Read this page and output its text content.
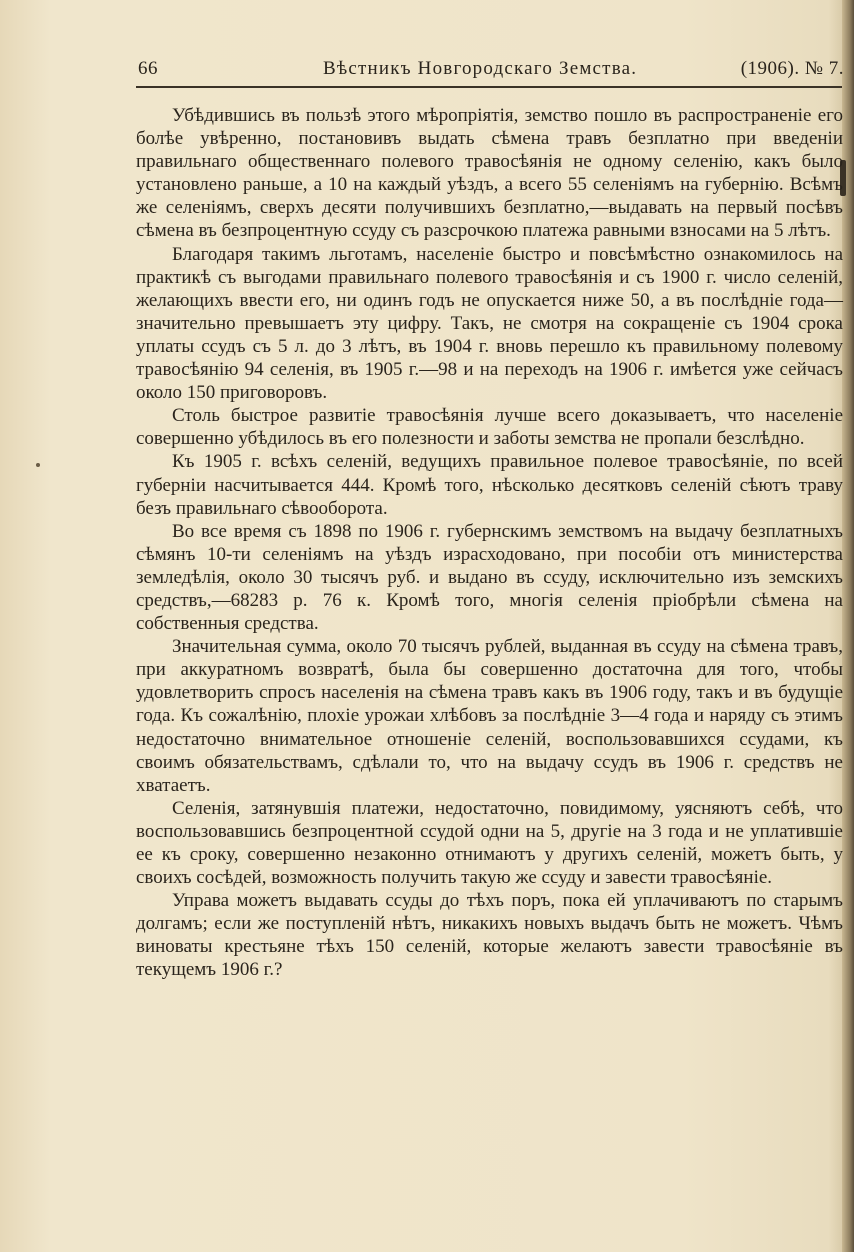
66	Вѣстникъ Новгородскаго Земства.	(1906). № 7.

Убѣдившись въ пользѣ этого мѣропріятія, земство пошло въ распространеніе его болѣе увѣренно, постановивъ выдать сѣмена травъ безплатно при введеніи правильнаго общественнаго полевого травосѣянія не одному селенію, какъ было установлено раньше, а 10 на каждый уѣздъ, а всего 55 селеніямъ на губернію. Всѣмъ же селеніямъ, сверхъ десяти получившихъ безплатно,—выдавать на первый посѣвъ сѣмена въ безпроцентную ссуду съ разсрочкою платежа равными взносами на 5 лѣтъ.

Благодаря такимъ льготамъ, населеніе быстро и повсѣмѣстно ознакомилось на практикѣ съ выгодами правильнаго полевого травосѣянія и съ 1900 г. число селеній, желающихъ ввести его, ни одинъ годъ не опускается ниже 50, а въ послѣдніе года—значительно превышаетъ эту цифру. Такъ, не смотря на сокращеніе съ 1904 срока уплаты ссудъ съ 5 л. до 3 лѣтъ, въ 1904 г. вновь перешло къ правильному полевому травосѣянію 94 селенія, въ 1905 г.—98 и на переходъ на 1906 г. имѣется уже сейчасъ около 150 приговоровъ.

Столь быстрое развитіе травосѣянія лучше всего доказываетъ, что населеніе совершенно убѣдилось въ его полезности и заботы земства не пропали безслѣдно.

Къ 1905 г. всѣхъ селеній, ведущихъ правильное полевое травосѣяніе, по всей губерніи насчитывается 444. Кромѣ того, нѣсколько десятковъ селеній сѣютъ траву безъ правильнаго сѣвооборота.

Во все время съ 1898 по 1906 г. губернскимъ земствомъ на выдачу безплатныхъ сѣмянъ 10-ти селеніямъ на уѣздъ израсходовано, при пособіи отъ министерства земледѣлія, около 30 тысячъ руб. и выдано въ ссуду, исключительно изъ земскихъ средствъ,—68283 р. 76 к. Кромѣ того, многія селенія пріобрѣли сѣмена на собственныя средства.

Значительная сумма, около 70 тысячъ рублей, выданная въ ссуду на сѣмена травъ, при аккуратномъ возвратѣ, была бы совершенно достаточна для того, чтобы удовлетворить спросъ населенія на сѣмена травъ какъ въ 1906 году, такъ и въ будущіе года. Къ сожалѣнію, плохіе урожаи хлѣбовъ за послѣдніе 3—4 года и наряду съ этимъ недостаточно внимательное отношеніе селеній, воспользовавшихся ссудами, къ своимъ обязательствамъ, сдѣлали то, что на выдачу ссудъ въ 1906 г. средствъ не хватаетъ.

Селенія, затянувшія платежи, недостаточно, повидимому, уясняютъ себѣ, что воспользовавшись безпроцентной ссудой одни на 5, другіе на 3 года и не уплатившіе ее къ сроку, совершенно незаконно отнимаютъ у другихъ селеній, можетъ быть, у своихъ сосѣдей, возможность получить такую же ссуду и завести травосѣяніе.

Управа можетъ выдавать ссуды до тѣхъ поръ, пока ей уплачиваютъ по старымъ долгамъ; если же поступленій нѣтъ, никакихъ новыхъ выдачъ быть не можетъ. Чѣмъ виноваты крестьяне тѣхъ 150 селеній, которые желаютъ завести травосѣяніе въ текущемъ 1906 г.?
